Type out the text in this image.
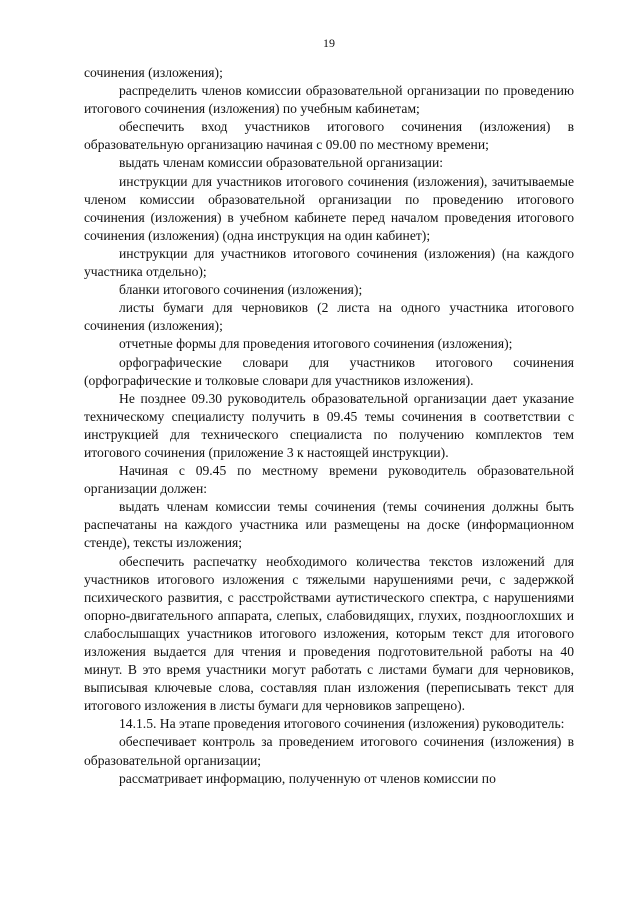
19

сочинения (изложения);

распределить членов комиссии образовательной организации по проведению итогового сочинения (изложения) по учебным кабинетам;

обеспечить вход участников итогового сочинения (изложения) в образовательную организацию начиная с 09.00 по местному времени;

выдать членам комиссии образовательной организации:

инструкции для участников итогового сочинения (изложения), зачитываемые членом комиссии образовательной организации по проведению итогового сочинения (изложения) в учебном кабинете перед началом проведения итогового сочинения (изложения) (одна инструкция на один кабинет);

инструкции для участников итогового сочинения (изложения) (на каждого участника отдельно);

бланки итогового сочинения (изложения);

листы бумаги для черновиков (2 листа на одного участника итогового сочинения (изложения);

отчетные формы для проведения итогового сочинения (изложения);

орфографические словари для участников итогового сочинения (орфографические и толковые словари для участников изложения).

Не позднее 09.30 руководитель образовательной организации дает указание техническому специалисту получить в 09.45 темы сочинения в соответствии с инструкцией для технического специалиста по получению комплектов тем итогового сочинения (приложение 3 к настоящей инструкции).

Начиная с 09.45 по местному времени руководитель образовательной организации должен:

выдать членам комиссии темы сочинения (темы сочинения должны быть распечатаны на каждого участника или размещены на доске (информационном стенде), тексты изложения;

обеспечить распечатку необходимого количества текстов изложений для участников итогового изложения с тяжелыми нарушениями речи, с задержкой психического развития, с расстройствами аутистического спектра, с нарушениями опорно-двигательного аппарата, слепых, слабовидящих, глухих, позднооглохших и слабослышащих участников итогового изложения, которым текст для итогового изложения выдается для чтения и проведения подготовительной работы на 40 минут. В это время участники могут работать с листами бумаги для черновиков, выписывая ключевые слова, составляя план изложения (переписывать текст для итогового изложения в листы бумаги для черновиков запрещено).

14.1.5. На этапе проведения итогового сочинения (изложения) руководитель:

обеспечивает контроль за проведением итогового сочинения (изложения) в образовательной организации;

рассматривает информацию, полученную от членов комиссии по
